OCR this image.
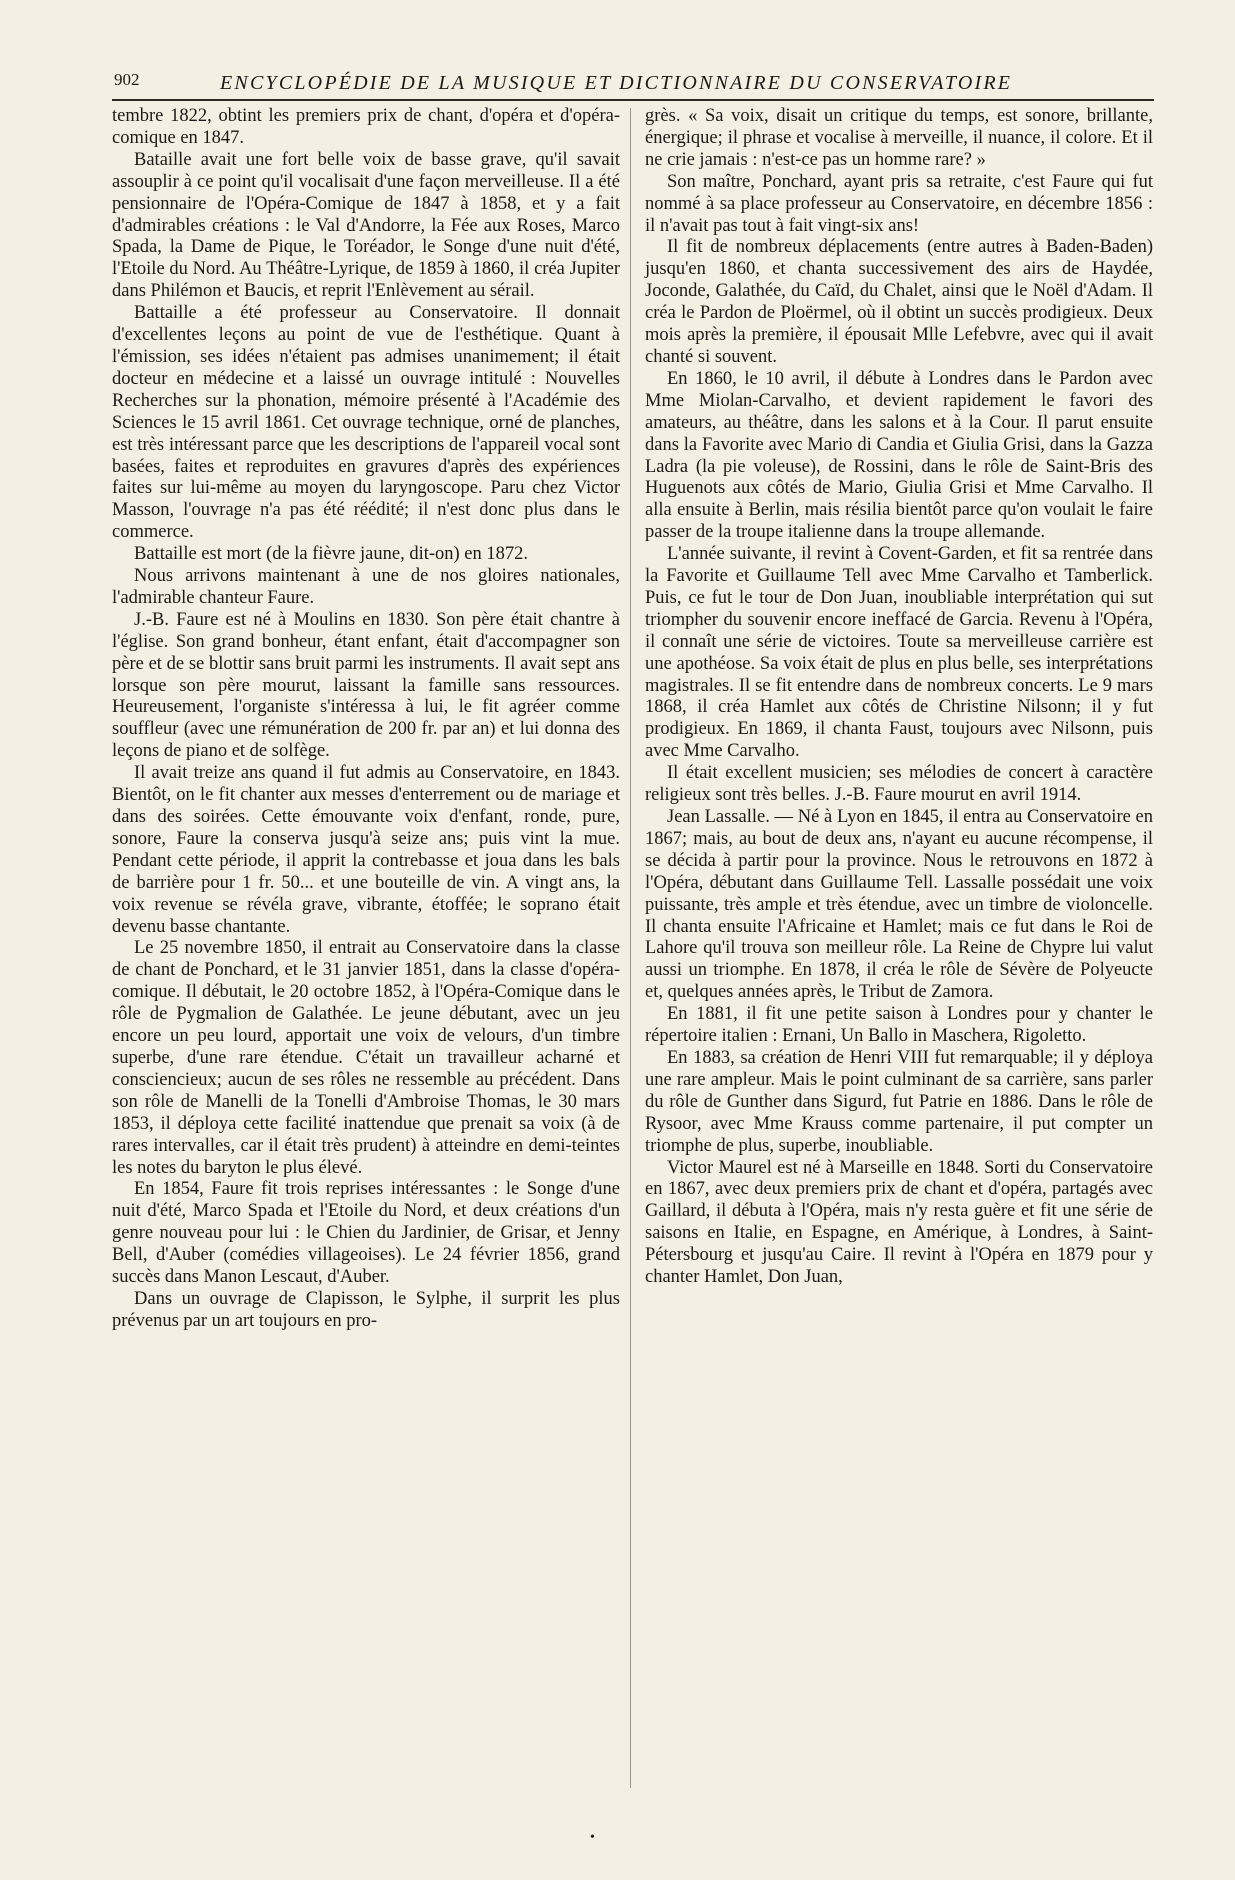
902	ENCYCLOPÉDIE DE LA MUSIQUE ET DICTIONNAIRE DU CONSERVATOIRE

tembre 1822, obtint les premiers prix de chant, d'opéra et d'opéra-comique en 1847.

Bataille avait une fort belle voix de basse grave, qu'il savait assouplir à ce point qu'il vocalisait d'une façon merveilleuse. Il a été pensionnaire de l'Opéra-Comique de 1847 à 1858, et y a fait d'admirables créations : le Val d'Andorre, la Fée aux Roses, Marco Spada, la Dame de Pique, le Toréador, le Songe d'une nuit d'été, l'Etoile du Nord. Au Théâtre-Lyrique, de 1859 à 1860, il créa Jupiter dans Philémon et Baucis, et reprit l'Enlèvement au sérail.

Battaille a été professeur au Conservatoire. Il donnait d'excellentes leçons au point de vue de l'esthétique. Quant à l'émission, ses idées n'étaient pas admises unanimement; il était docteur en médecine et a laissé un ouvrage intitulé : Nouvelles Recherches sur la phonation, mémoire présenté à l'Académie des Sciences le 15 avril 1861. Cet ouvrage technique, orné de planches, est très intéressant parce que les descriptions de l'appareil vocal sont basées, faites et reproduites en gravures d'après des expériences faites sur lui-même au moyen du laryngoscope. Paru chez Victor Masson, l'ouvrage n'a pas été réédité; il n'est donc plus dans le commerce.

Battaille est mort (de la fièvre jaune, dit-on) en 1872.

Nous arrivons maintenant à une de nos gloires nationales, l'admirable chanteur Faure.

J.-B. Faure est né à Moulins en 1830. Son père était chantre à l'église. Son grand bonheur, étant enfant, était d'accompagner son père et de se blottir sans bruit parmi les instruments. Il avait sept ans lorsque son père mourut, laissant la famille sans ressources. Heureusement, l'organiste s'intéressa à lui, le fit agréer comme souffleur (avec une rémunération de 200 fr. par an) et lui donna des leçons de piano et de solfège.

Il avait treize ans quand il fut admis au Conservatoire, en 1843. Bientôt, on le fit chanter aux messes d'enterrement ou de mariage et dans des soirées. Cette émouvante voix d'enfant, ronde, pure, sonore, Faure la conserva jusqu'à seize ans; puis vint la mue. Pendant cette période, il apprit la contrebasse et joua dans les bals de barrière pour 1 fr. 50... et une bouteille de vin. A vingt ans, la voix revenue se révéla grave, vibrante, étoffée; le soprano était devenu basse chantante.

Le 25 novembre 1850, il entrait au Conservatoire dans la classe de chant de Ponchard, et le 31 janvier 1851, dans la classe d'opéra-comique. Il débutait, le 20 octobre 1852, à l'Opéra-Comique dans le rôle de Pygmalion de Galathée. Le jeune débutant, avec un jeu encore un peu lourd, apportait une voix de velours, d'un timbre superbe, d'une rare étendue. C'était un travailleur acharné et consciencieux; aucun de ses rôles ne ressemble au précédent. Dans son rôle de Manelli de la Tonelli d'Ambroise Thomas, le 30 mars 1853, il déploya cette facilité inattendue que prenait sa voix (à de rares intervalles, car il était très prudent) à atteindre en demi-teintes les notes du baryton le plus élevé.

En 1854, Faure fit trois reprises intéressantes : le Songe d'une nuit d'été, Marco Spada et l'Etoile du Nord, et deux créations d'un genre nouveau pour lui : le Chien du Jardinier, de Grisar, et Jenny Bell, d'Auber (comédies villageoises). Le 24 février 1856, grand succès dans Manon Lescaut, d'Auber.

Dans un ouvrage de Clapisson, le Sylphe, il surprit les plus prévenus par un art toujours en pro-

grès. « Sa voix, disait un critique du temps, est sonore, brillante, énergique; il phrase et vocalise à merveille, il nuance, il colore. Et il ne crie jamais : n'est-ce pas un homme rare? »

Son maître, Ponchard, ayant pris sa retraite, c'est Faure qui fut nommé à sa place professeur au Conservatoire, en décembre 1856 : il n'avait pas tout à fait vingt-six ans!

Il fit de nombreux déplacements (entre autres à Baden-Baden) jusqu'en 1860, et chanta successivement des airs de Haydée, Joconde, Galathée, du Caïd, du Chalet, ainsi que le Noël d'Adam. Il créa le Pardon de Ploërmel, où il obtint un succès prodigieux. Deux mois après la première, il épousait Mlle Lefebvre, avec qui il avait chanté si souvent.

En 1860, le 10 avril, il débute à Londres dans le Pardon avec Mme Miolan-Carvalho, et devient rapidement le favori des amateurs, au théâtre, dans les salons et à la Cour. Il parut ensuite dans la Favorite avec Mario di Candia et Giulia Grisi, dans la Gazza Ladra (la pie voleuse), de Rossini, dans le rôle de Saint-Bris des Huguenots aux côtés de Mario, Giulia Grisi et Mme Carvalho. Il alla ensuite à Berlin, mais résilia bientôt parce qu'on voulait le faire passer de la troupe italienne dans la troupe allemande.

L'année suivante, il revint à Covent-Garden, et fit sa rentrée dans la Favorite et Guillaume Tell avec Mme Carvalho et Tamberlick. Puis, ce fut le tour de Don Juan, inoubliable interprétation qui sut triompher du souvenir encore ineffacé de Garcia. Revenu à l'Opéra, il connaît une série de victoires. Toute sa merveilleuse carrière est une apothéose. Sa voix était de plus en plus belle, ses interprétations magistrales. Il se fit entendre dans de nombreux concerts. Le 9 mars 1868, il créa Hamlet aux côtés de Christine Nilsonn; il y fut prodigieux. En 1869, il chanta Faust, toujours avec Nilsonn, puis avec Mme Carvalho.

Il était excellent musicien; ses mélodies de concert à caractère religieux sont très belles. J.-B. Faure mourut en avril 1914.

Jean Lassalle. — Né à Lyon en 1845, il entra au Conservatoire en 1867; mais, au bout de deux ans, n'ayant eu aucune récompense, il se décida à partir pour la province. Nous le retrouvons en 1872 à l'Opéra, débutant dans Guillaume Tell. Lassalle possédait une voix puissante, très ample et très étendue, avec un timbre de violoncelle. Il chanta ensuite l'Africaine et Hamlet; mais ce fut dans le Roi de Lahore qu'il trouva son meilleur rôle. La Reine de Chypre lui valut aussi un triomphe. En 1878, il créa le rôle de Sévère de Polyeucte et, quelques années après, le Tribut de Zamora.

En 1881, il fit une petite saison à Londres pour y chanter le répertoire italien : Ernani, Un Ballo in Maschera, Rigoletto.

En 1883, sa création de Henri VIII fut remarquable; il y déploya une rare ampleur. Mais le point culminant de sa carrière, sans parler du rôle de Gunther dans Sigurd, fut Patrie en 1886. Dans le rôle de Rysoor, avec Mme Krauss comme partenaire, il put compter un triomphe de plus, superbe, inoubliable.

Victor Maurel est né à Marseille en 1848. Sorti du Conservatoire en 1867, avec deux premiers prix de chant et d'opéra, partagés avec Gaillard, il débuta à l'Opéra, mais n'y resta guère et fit une série de saisons en Italie, en Espagne, en Amérique, à Londres, à Saint-Pétersbourg et jusqu'au Caire. Il revint à l'Opéra en 1879 pour y chanter Hamlet, Don Juan,

•
